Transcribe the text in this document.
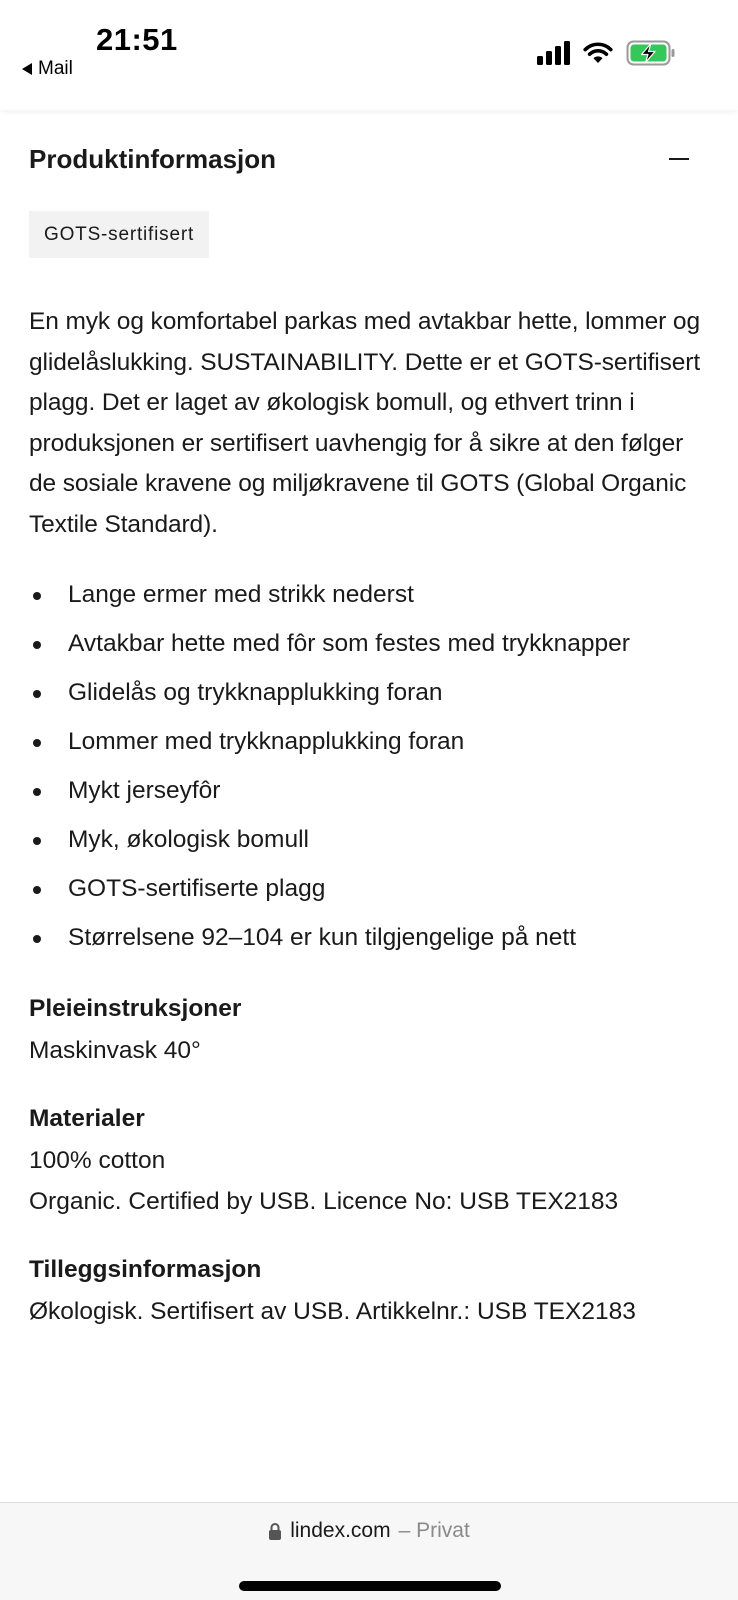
21:51
Mail
Produktinformasjon
GOTS-sertifisert
En myk og komfortabel parkas med avtakbar hette, lommer og glidelåslukking. SUSTAINABILITY. Dette er et GOTS-sertifisert plagg. Det er laget av økologisk bomull, og ethvert trinn i produksjonen er sertifisert uavhengig for å sikre at den følger de sosiale kravene og miljøkravene til GOTS (Global Organic Textile Standard).
Lange ermer med strikk nederst
Avtakbar hette med fôr som festes med trykknapper
Glidelås og trykknapplukking foran
Lommer med trykknapplukking foran
Mykt jerseyfôr
Myk, økologisk bomull
GOTS-sertifiserte plagg
Størrelsene 92–104 er kun tilgjengelige på nett
Pleieinstruksjoner
Maskinvask 40°
Materialer
100% cotton
Organic. Certified by USB. Licence No: USB TEX2183
Tilleggsinformasjon
Økologisk. Sertifisert av USB. Artikkelnr.: USB TEX2183
lindex.com – Privat
